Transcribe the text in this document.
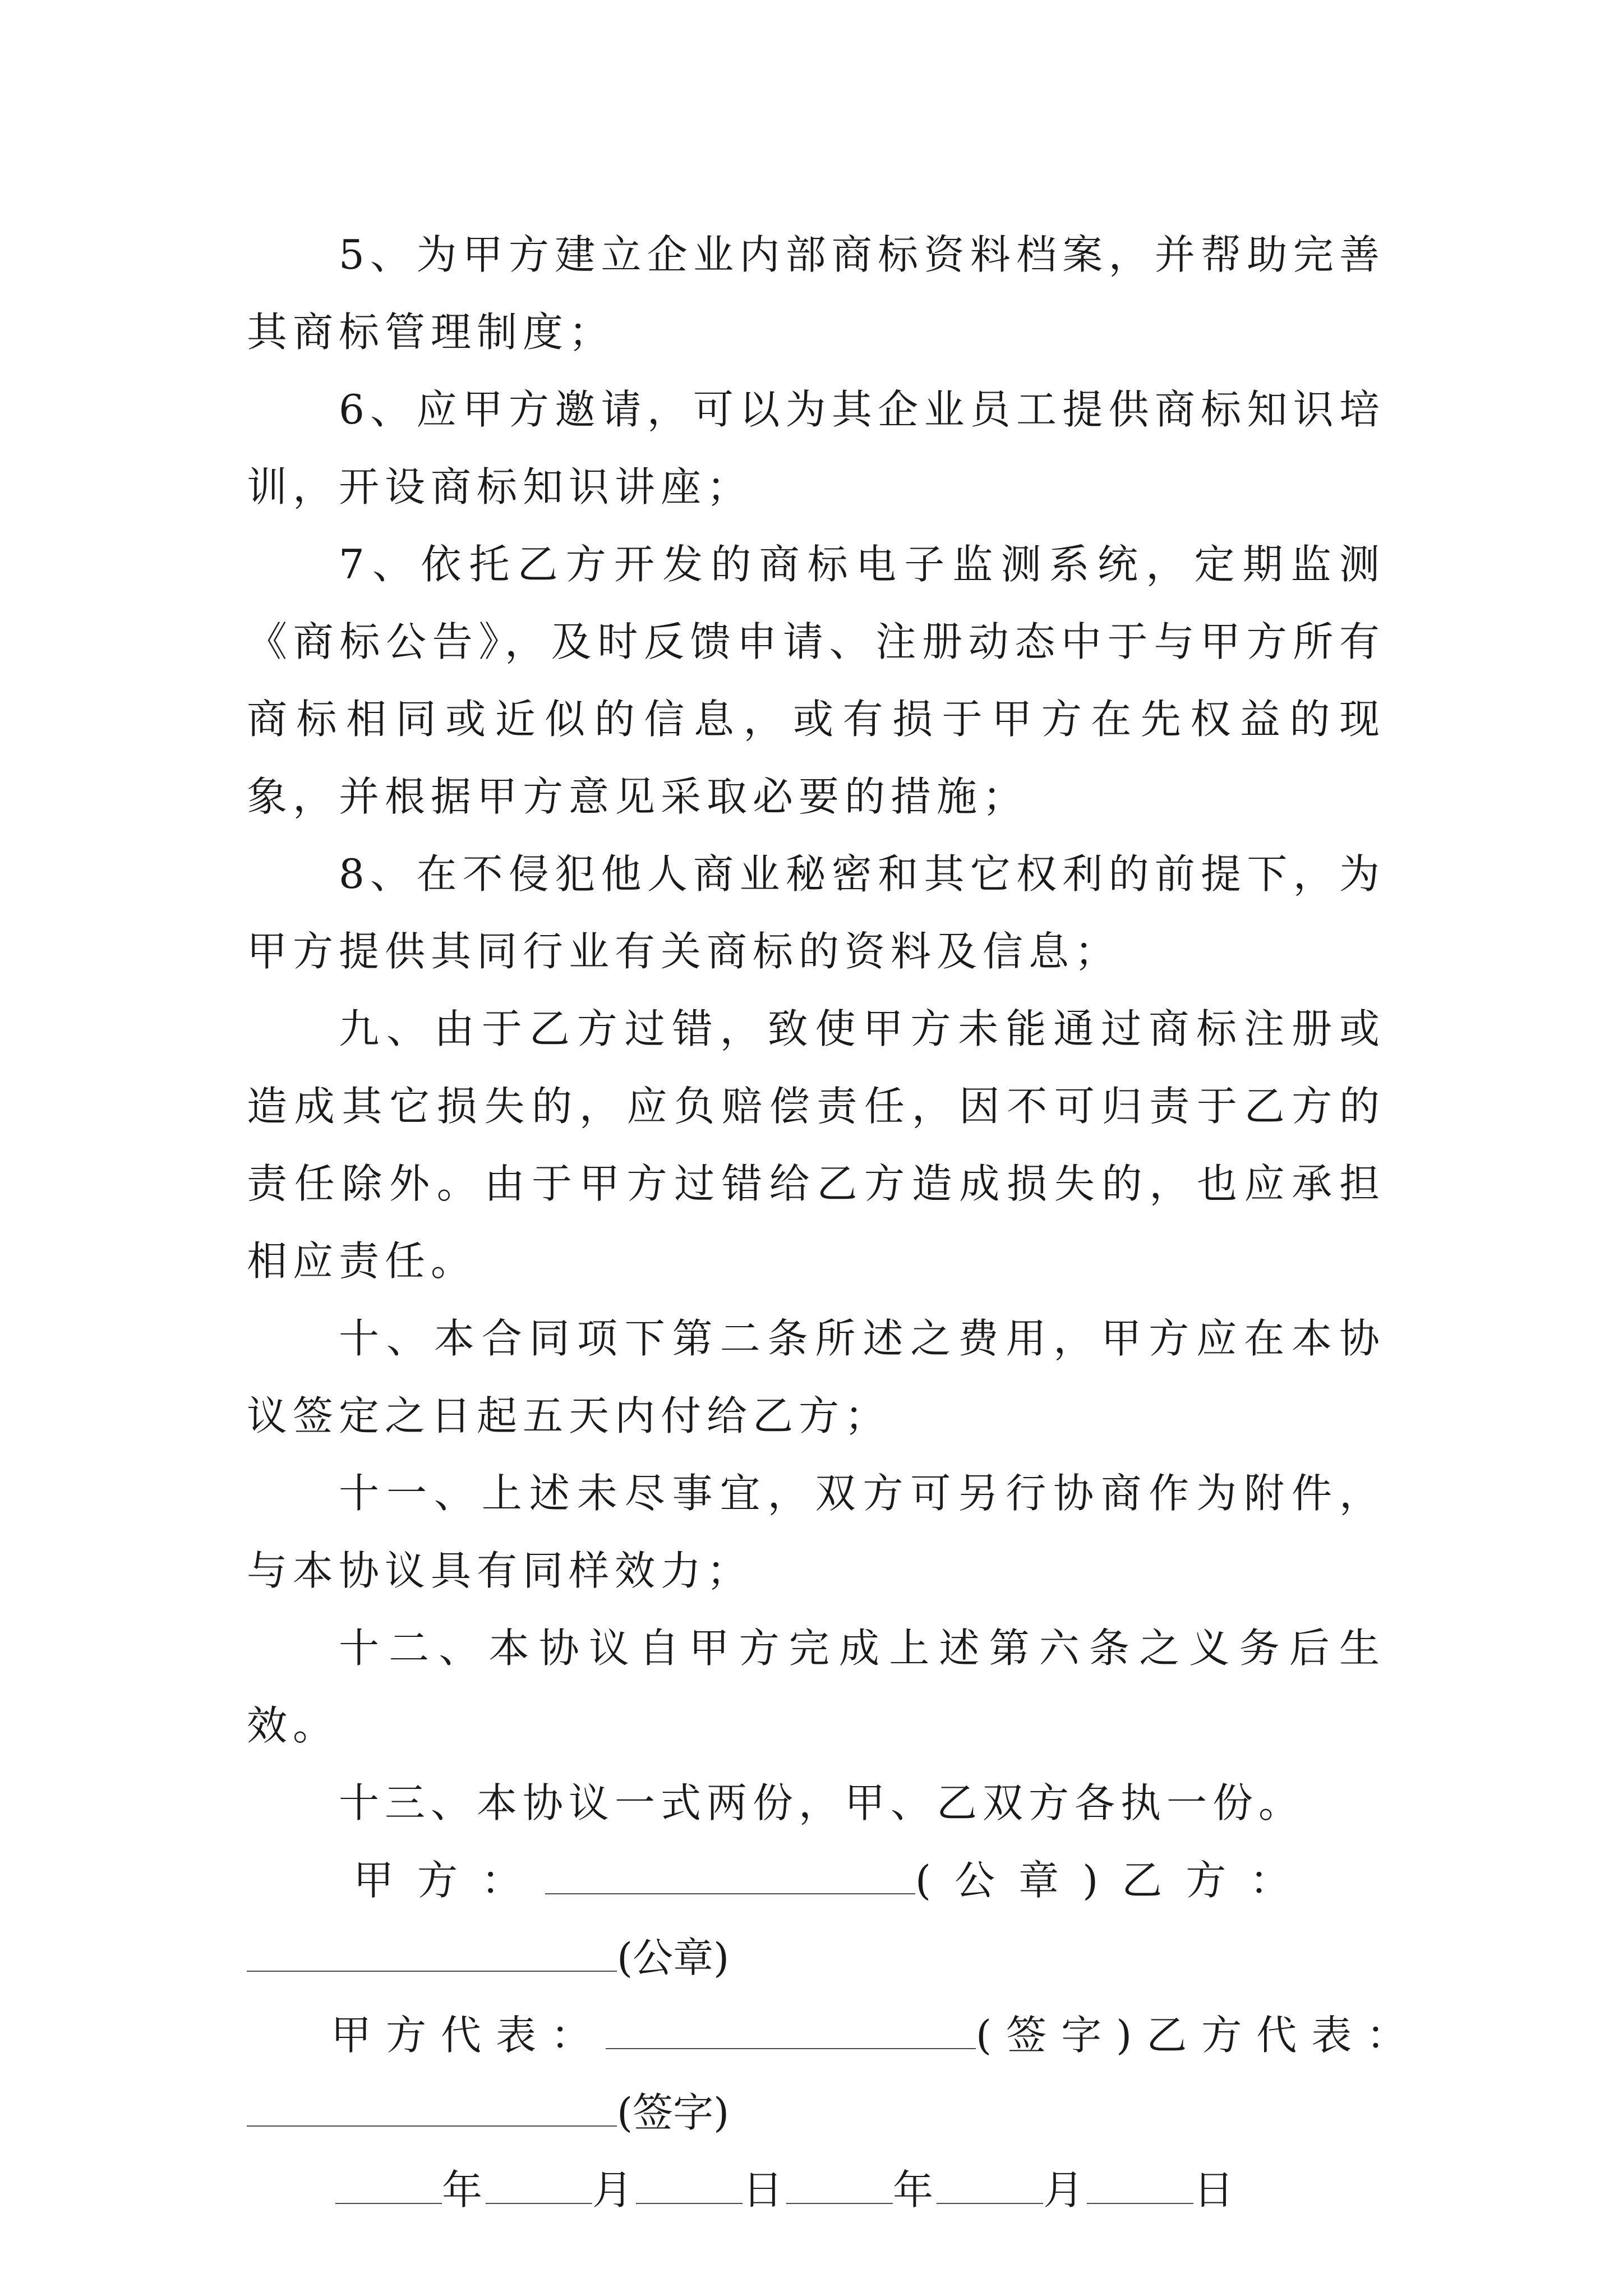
5、为甲方建立企业内部商标资料档案，并帮助完善其商标管理制度；

6、应甲方邀请，可以为其企业员工提供商标知识培训，开设商标知识讲座；

7、依托乙方开发的商标电子监测系统，定期监测《商标公告》，及时反馈申请、注册动态中于与甲方所有商标相同或近似的信息，或有损于甲方在先权益的现象，并根据甲方意见采取必要的措施；

8、在不侵犯他人商业秘密和其它权利的前提下，为甲方提供其同行业有关商标的资料及信息；

九、由于乙方过错，致使甲方未能通过商标注册或造成其它损失的，应负赔偿责任，因不可归责于乙方的责任除外。由于甲方过错给乙方造成损失的，也应承担相应责任。

十、本合同项下第二条所述之费用，甲方应在本协议签定之日起五天内付给乙方；

十一、上述未尽事宜，双方可另行协商作为附件，与本协议具有同样效力；

十二、本协议自甲方完成上述第六条之义务后生效。

十三、本协议一式两份，甲、乙双方各执一份。

甲方：	(公章)乙方：
(公章)
甲方代表：	(签字)乙方代表：
(签字)
年	月	日	年	月	日
